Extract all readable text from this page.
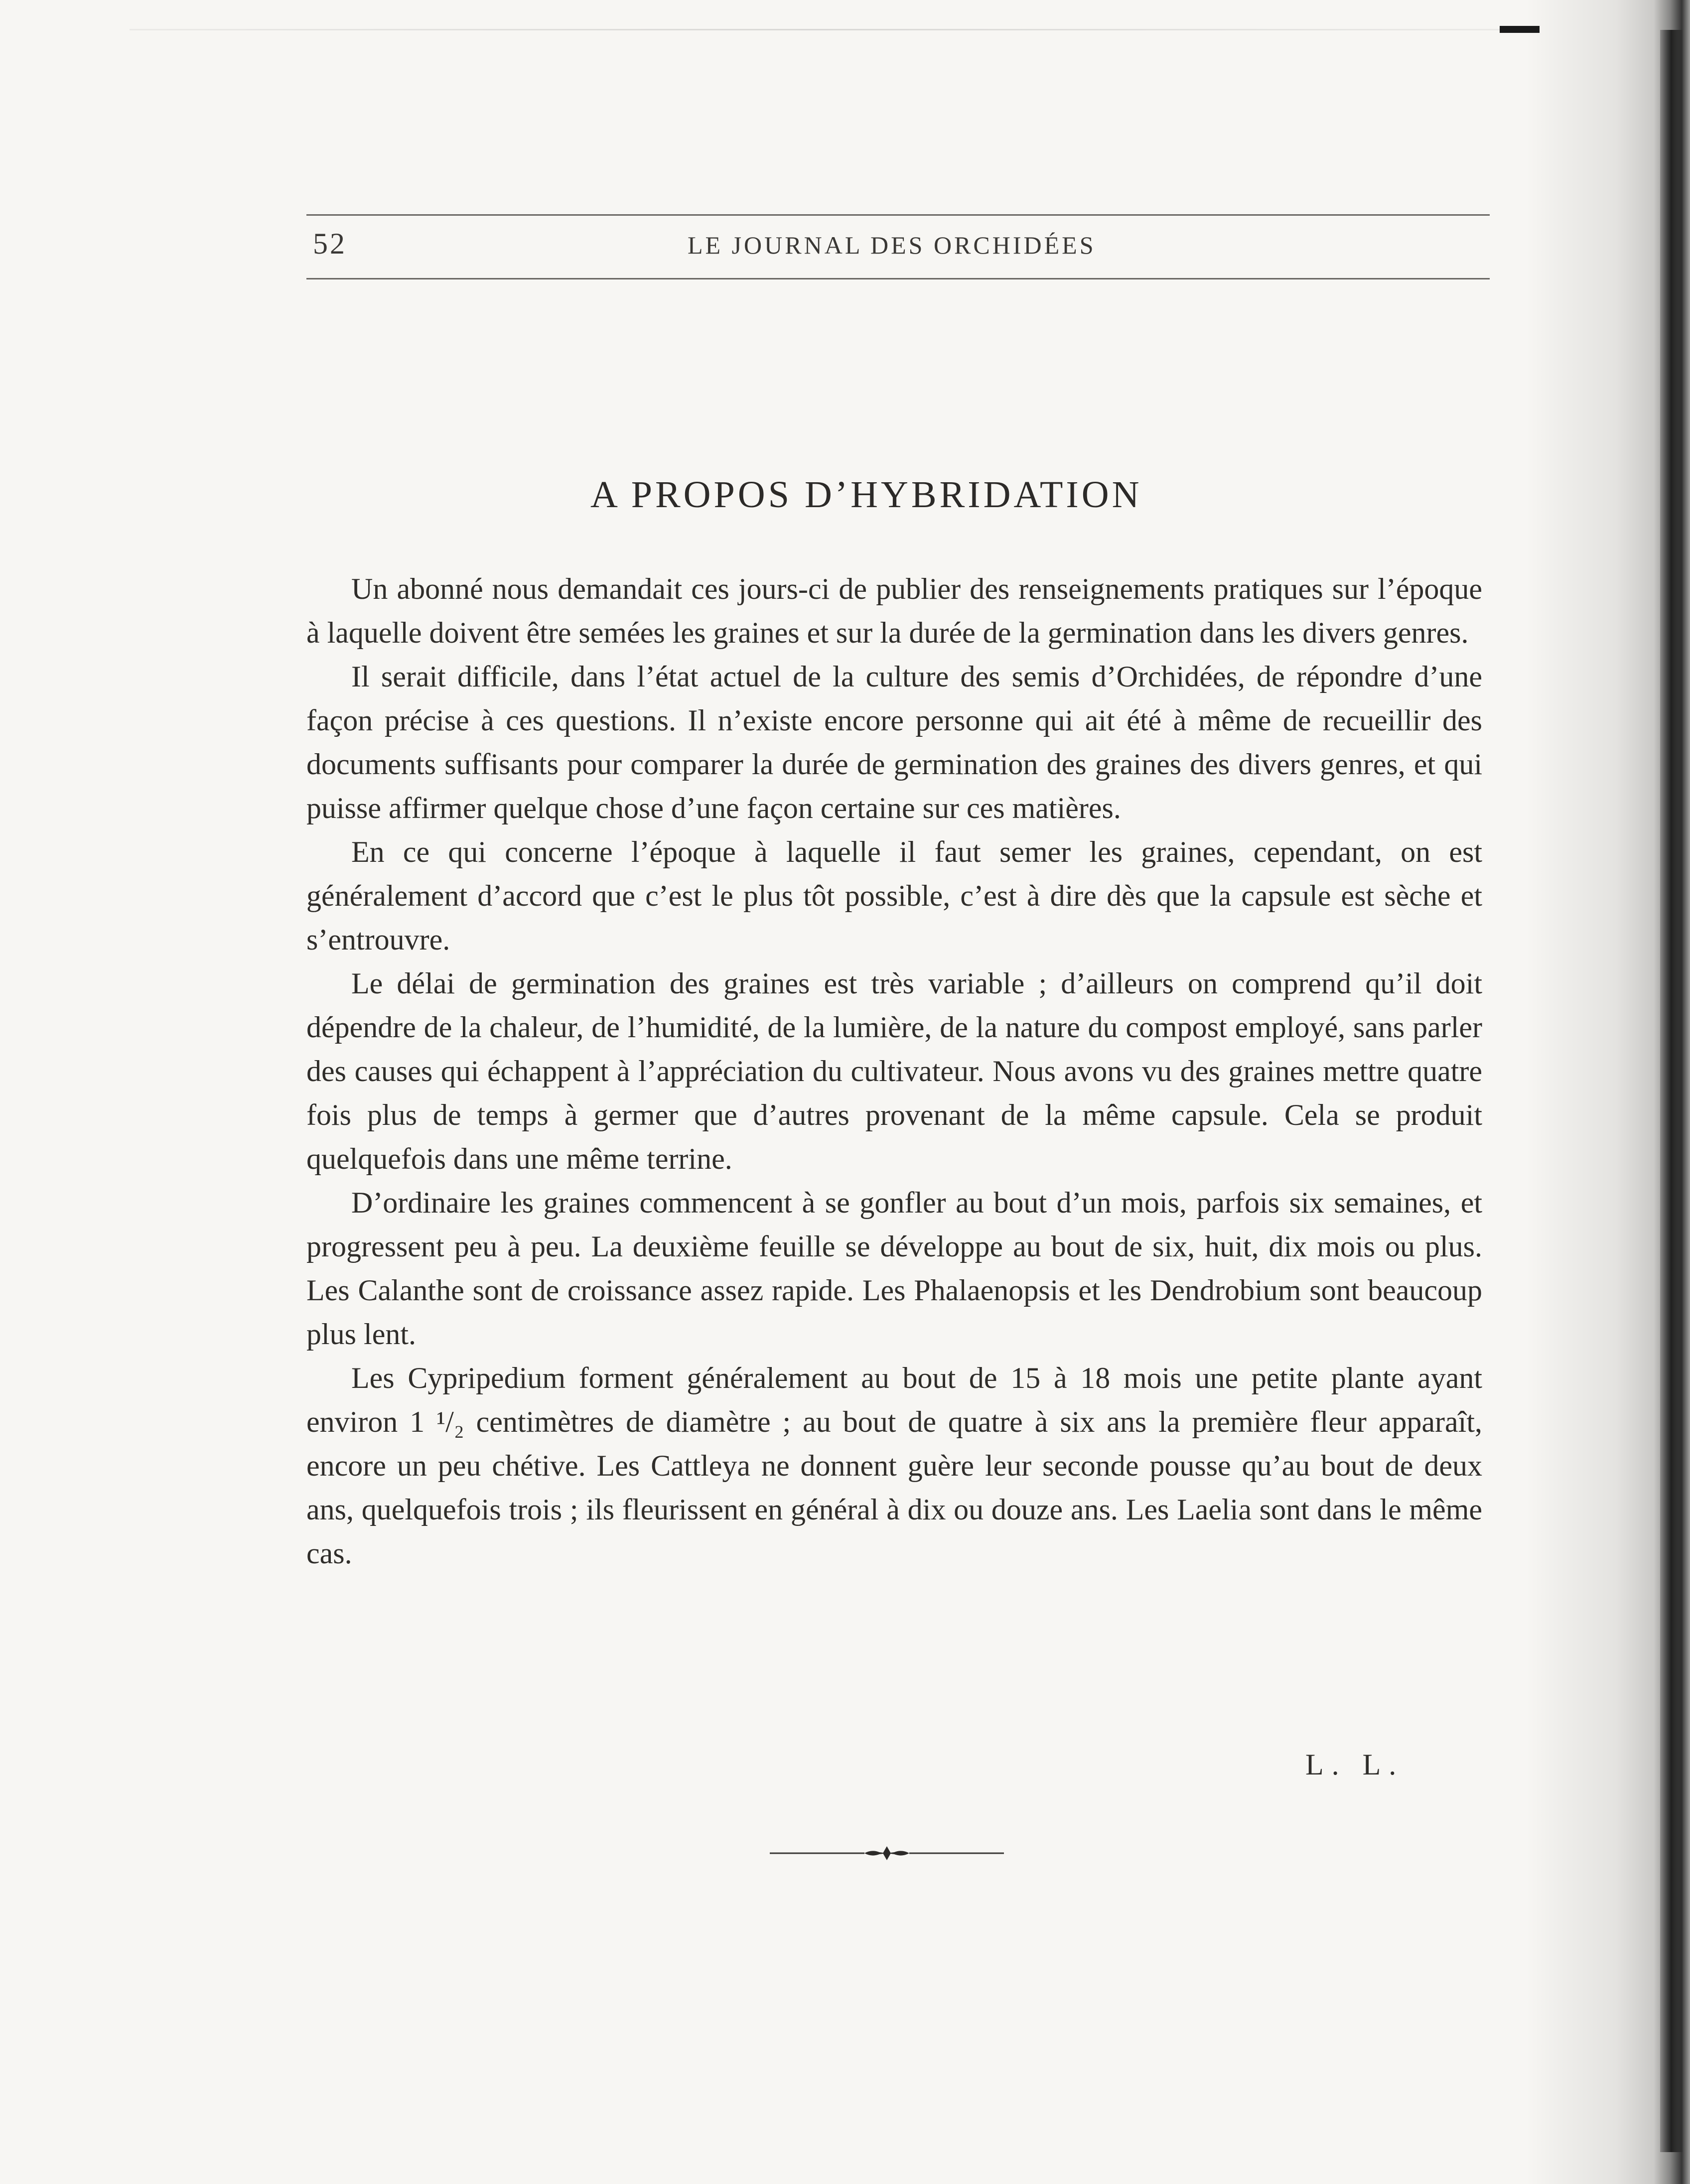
52	LE JOURNAL DES ORCHIDÉES
A PROPOS D’HYBRIDATION

Un abonné nous demandait ces jours-ci de publier des renseignements pratiques sur l’époque à laquelle doivent être semées les graines et sur la durée de la germination dans les divers genres.

Il serait difficile, dans l’état actuel de la culture des semis d’Orchidées, de répondre d’une façon précise à ces questions. Il n’existe encore personne qui ait été à même de recueillir des documents suffisants pour comparer la durée de germination des graines des divers genres, et qui puisse affirmer quelque chose d’une façon certaine sur ces matières.

En ce qui concerne l’époque à laquelle il faut semer les graines, cependant, on est généralement d’accord que c’est le plus tôt possible, c’est à dire dès que la capsule est sèche et s’entrouvre.

Le délai de germination des graines est très variable ; d’ailleurs on comprend qu’il doit dépendre de la chaleur, de l’humidité, de la lumière, de la nature du compost employé, sans parler des causes qui échappent à l’appréciation du cultivateur. Nous avons vu des graines mettre quatre fois plus de temps à germer que d’autres provenant de la même capsule. Cela se produit quelquefois dans une même terrine.

D’ordinaire les graines commencent à se gonfler au bout d’un mois, parfois six semaines, et progressent peu à peu. La deuxième feuille se développe au bout de six, huit, dix mois ou plus. Les Calanthe sont de croissance assez rapide. Les Phalaenopsis et les Dendrobium sont beaucoup plus lent.

Les Cypripedium forment généralement au bout de 15 à 18 mois une petite plante ayant environ 1 ¹/₂ centimètres de diamètre ; au bout de quatre à six ans la première fleur apparaît, encore un peu chétive. Les Cattleya ne donnent guère leur seconde pousse qu’au bout de deux ans, quelquefois trois ; ils fleurissent en général à dix ou douze ans. Les Laelia sont dans le même cas.

L. L.
